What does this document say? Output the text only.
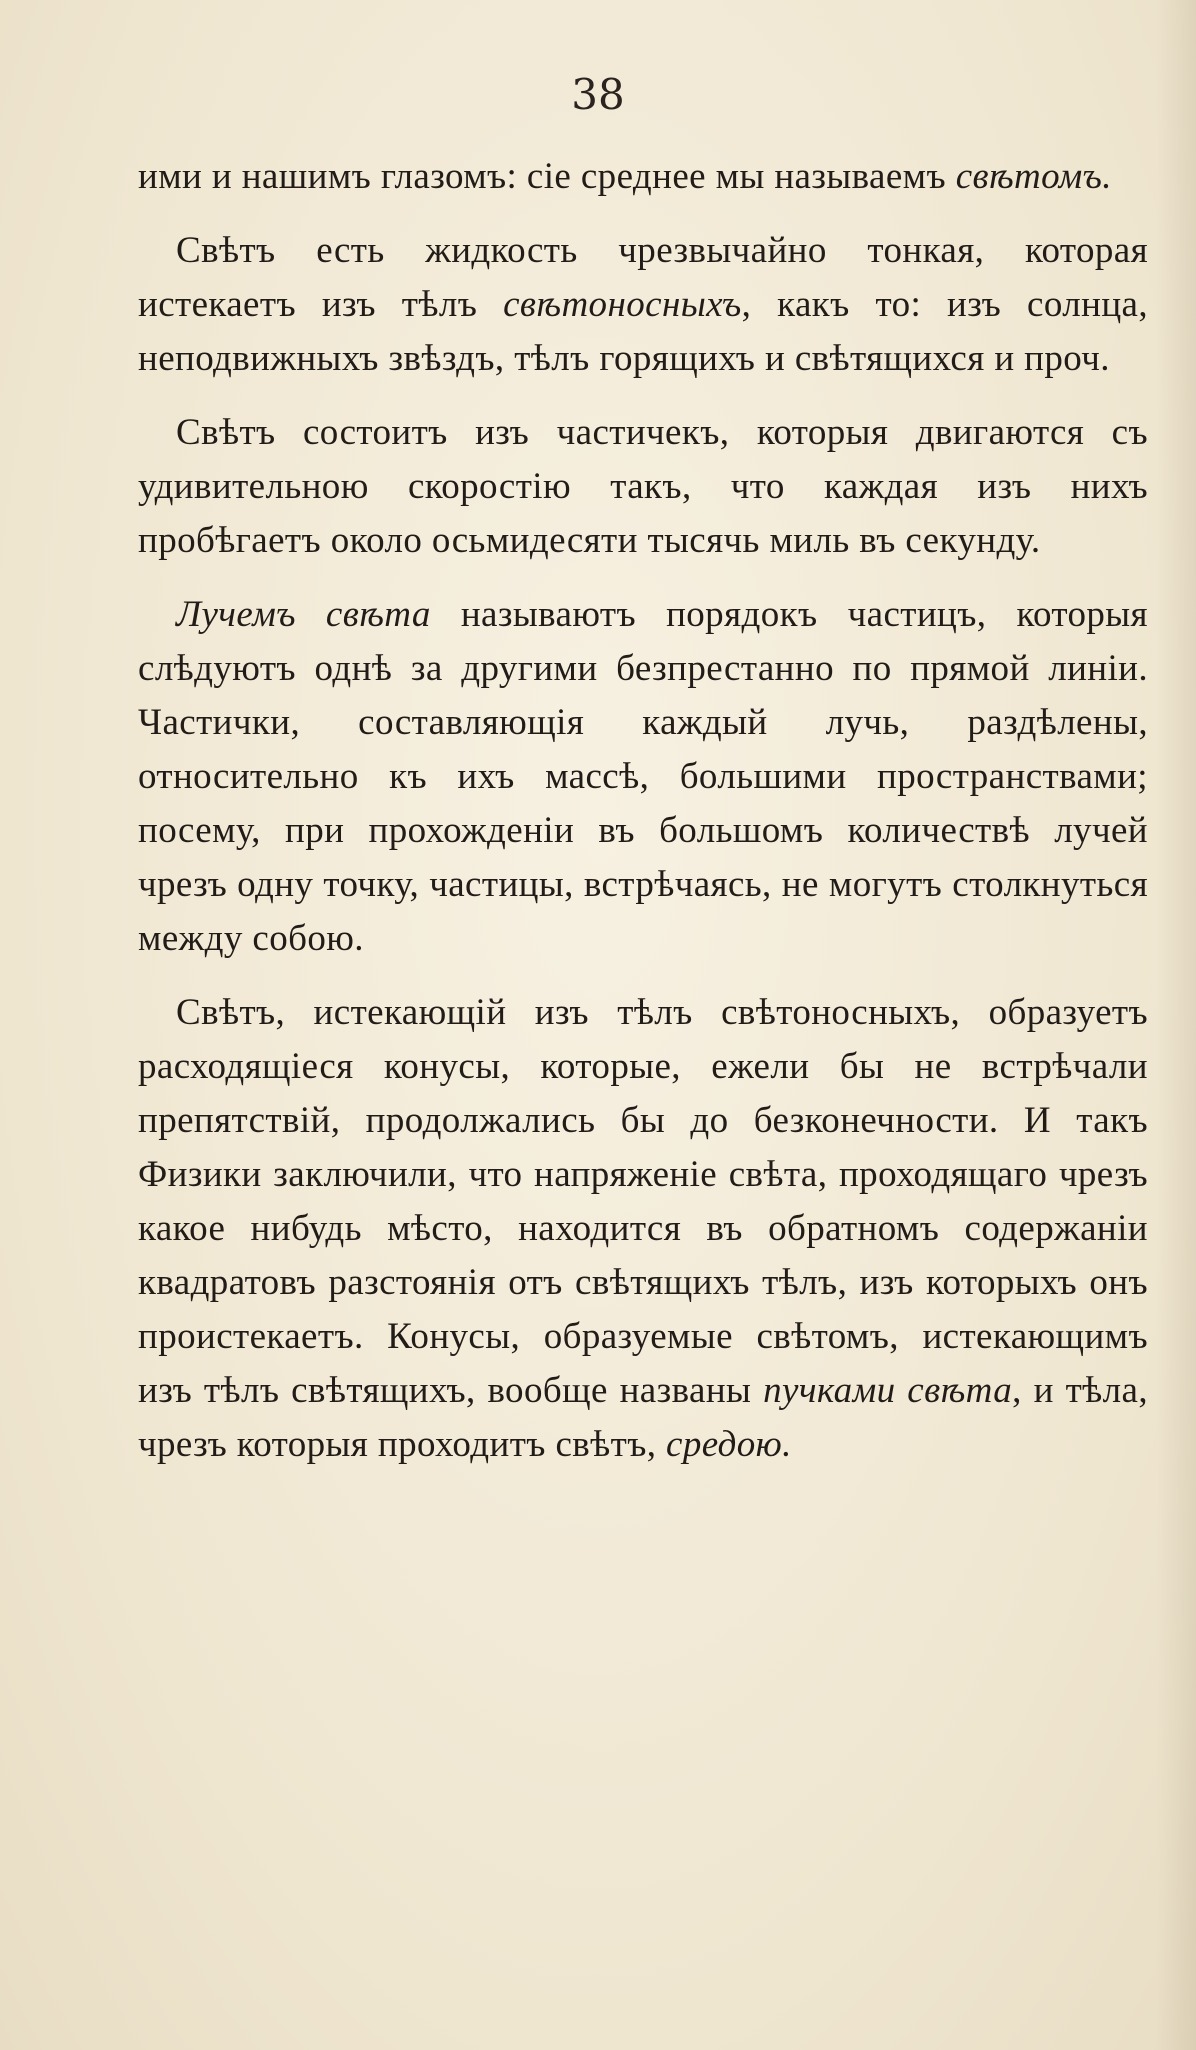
38

ими и нашимъ глазомъ: сіе среднее мы называемъ свѣтомъ.

Свѣтъ есть жидкость чрезвычайно тонкая, которая истекаетъ изъ тѣлъ свѣтоносныхъ, какъ то: изъ солнца, неподвижныхъ звѣздъ, тѣлъ горящихъ и свѣтящихся и проч.

Свѣтъ состоитъ изъ частичекъ, которыя двигаются съ удивительною скоростію такъ, что каждая изъ нихъ пробѣгаетъ около осьмидесяти тысячь миль въ секунду.

Лучемъ свѣта называютъ порядокъ частицъ, которыя слѣдуютъ однѣ за другими безпрестанно по прямой линіи. Частички, составляющія каждый лучь, раздѣлены, относительно къ ихъ массѣ, большими пространствами; посему, при прохожденіи въ большомъ количествѣ лучей чрезъ одну точку, частицы, встрѣчаясь, не могутъ столкнуться между собою.

Свѣтъ, истекающій изъ тѣлъ свѣтоносныхъ, образуетъ расходящіеся конусы, которые, ежели бы не встрѣчали препятствій, продолжались бы до безконечности. И такъ Физики заключили, что напряженіе свѣта, проходящаго чрезъ какое нибудь мѣсто, находится въ обратномъ содержаніи квадратовъ разстоянія отъ свѣтящихъ тѣлъ, изъ которыхъ онъ проистекаетъ. Конусы, образуемые свѣтомъ, истекающимъ изъ тѣлъ свѣтящихъ, вообще названы пучками свѣта, и тѣла, чрезъ которыя проходитъ свѣтъ, средою.
